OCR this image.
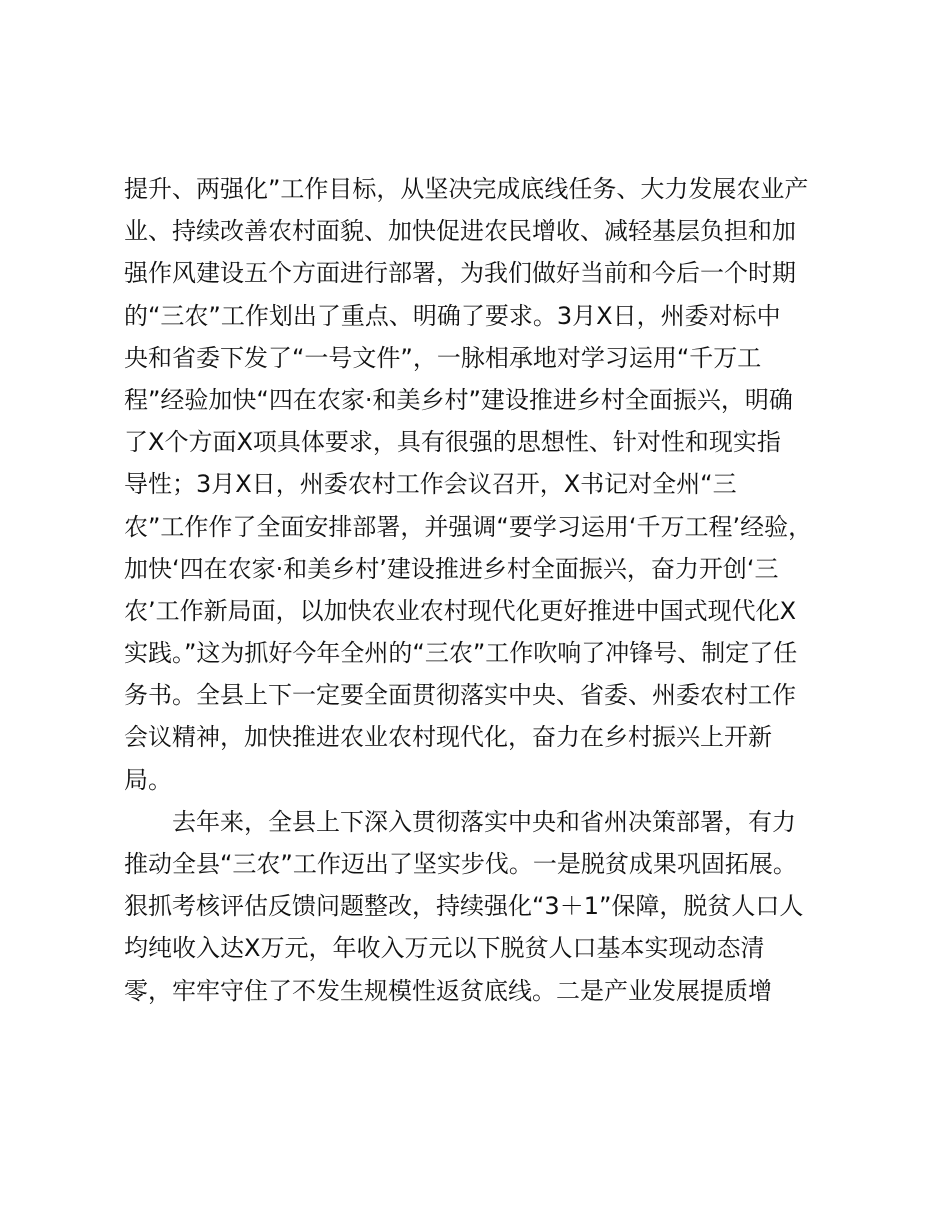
提升、两强化”工作目标，从坚决完成底线任务、大力发展农业产
业、持续改善农村面貌、加快促进农民增收、减轻基层负担和加
强作风建设五个方面进行部署，为我们做好当前和今后一个时期
的“三农”工作划出了重点、明确了要求。3月X日，州委对标中
央和省委下发了“一号文件”，一脉相承地对学习运用“千万工
程”经验加快“四在农家·和美乡村”建设推进乡村全面振兴，明确
了X个方面X项具体要求，具有很强的思想性、针对性和现实指
导性；3月X日，州委农村工作会议召开，X书记对全州“三
农”工作作了全面安排部署，并强调“要学习运用‘千万工程’经验，
加快‘四在农家·和美乡村’建设推进乡村全面振兴，奋力开创‘三
农’工作新局面，以加快农业农村现代化更好推进中国式现代化X
实践。”这为抓好今年全州的“三农”工作吹响了冲锋号、制定了任
务书。全县上下一定要全面贯彻落实中央、省委、州委农村工作
会议精神，加快推进农业农村现代化，奋力在乡村振兴上开新
局。
去年来，全县上下深入贯彻落实中央和省州决策部署，有力
推动全县“三农”工作迈出了坚实步伐。一是脱贫成果巩固拓展。
狠抓考核评估反馈问题整改，持续强化“3＋1”保障，脱贫人口人
均纯收入达X万元，年收入万元以下脱贫人口基本实现动态清
零，牢牢守住了不发生规模性返贫底线。二是产业发展提质增
